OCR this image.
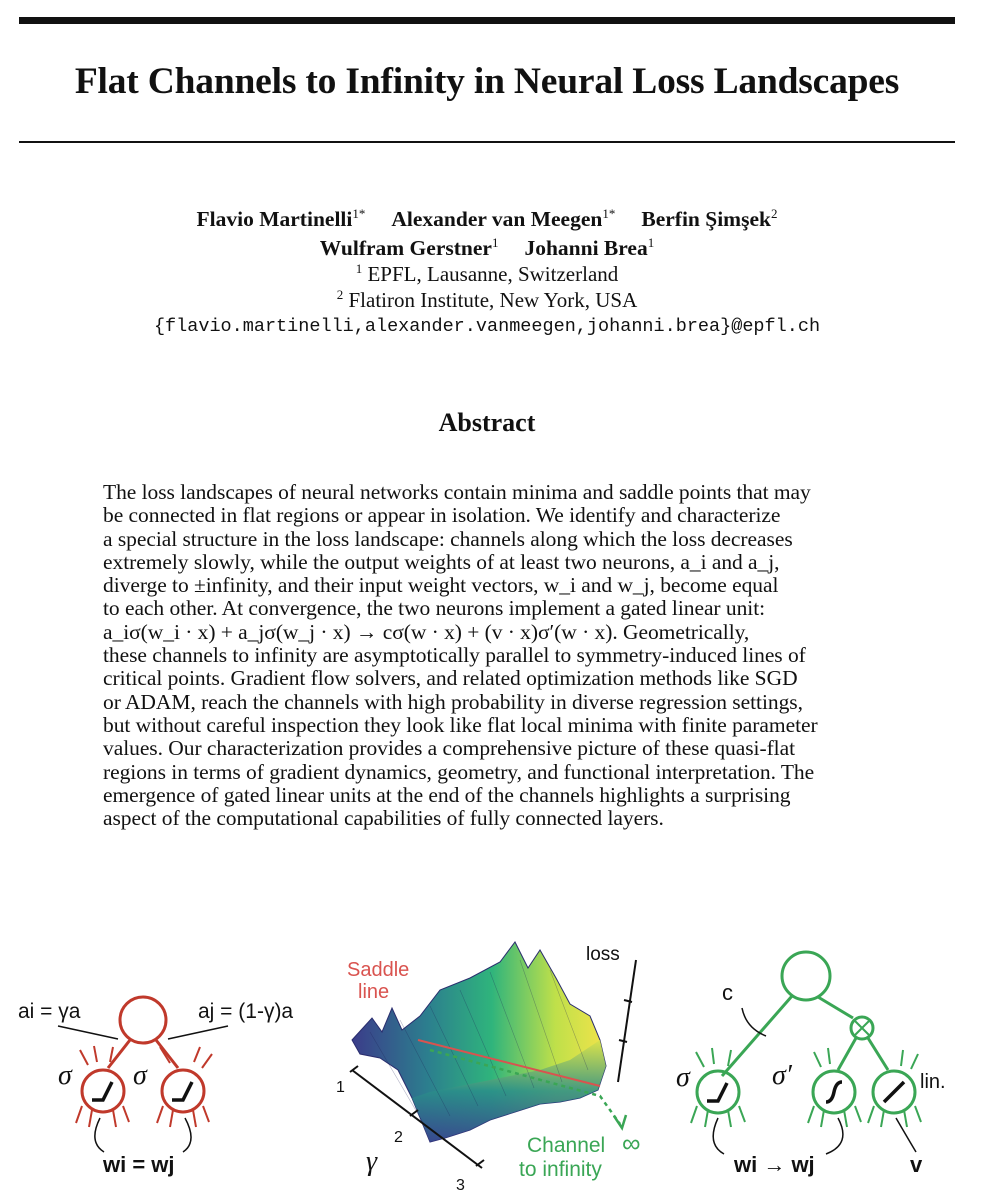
Flat Channels to Infinity in Neural Loss Landscapes
Flavio Martinelli$^{1*}$ Alexander van Meegen$^{1*}$ Berfin Şimşek$^2$
Wulfram Gerstner$^1$ Johanni Brea$^1$
$^1$ EPFL, Lausanne, Switzerland
$^2$ Flatiron Institute, New York, USA
{flavio.martinelli,alexander.vanmeegen,johanni.brea}@epfl.ch
Abstract
The loss landscapes of neural networks contain minima and saddle points that may
be connected in flat regions or appear in isolation. We identify and characterize
a special structure in the loss landscape: channels along which the loss decreases
extremely slowly, while the output weights of at least two neurons, a_i and a_j,
diverge to ±infinity, and their input weight vectors, w_i and w_j, become equal
to each other. At convergence, the two neurons implement a gated linear unit:
a_iσ(w_i · x) + a_jσ(w_j · x) → cσ(w · x) + (v · x)σ′(w · x). Geometrically,
these channels to infinity are asymptotically parallel to symmetry-induced lines of
critical points. Gradient flow solvers, and related optimization methods like SGD
or ADAM, reach the channels with high probability in diverse regression settings,
but without careful inspection they look like flat local minima with finite parameter
values. Our characterization provides a comprehensive picture of these quasi-flat
regions in terms of gradient dynamics, geometry, and functional interpretation. The
emergence of gated linear units at the end of the channels highlights a surprising
aspect of the computational capabilities of fully connected layers.
ai = γa	aj = (1-γ)a
σ σ
wi = wj
Saddle
line
loss
γ
1
2
3
Channel
to infinity
∞
c
σ	σ′	lin.
wi → wj	v
